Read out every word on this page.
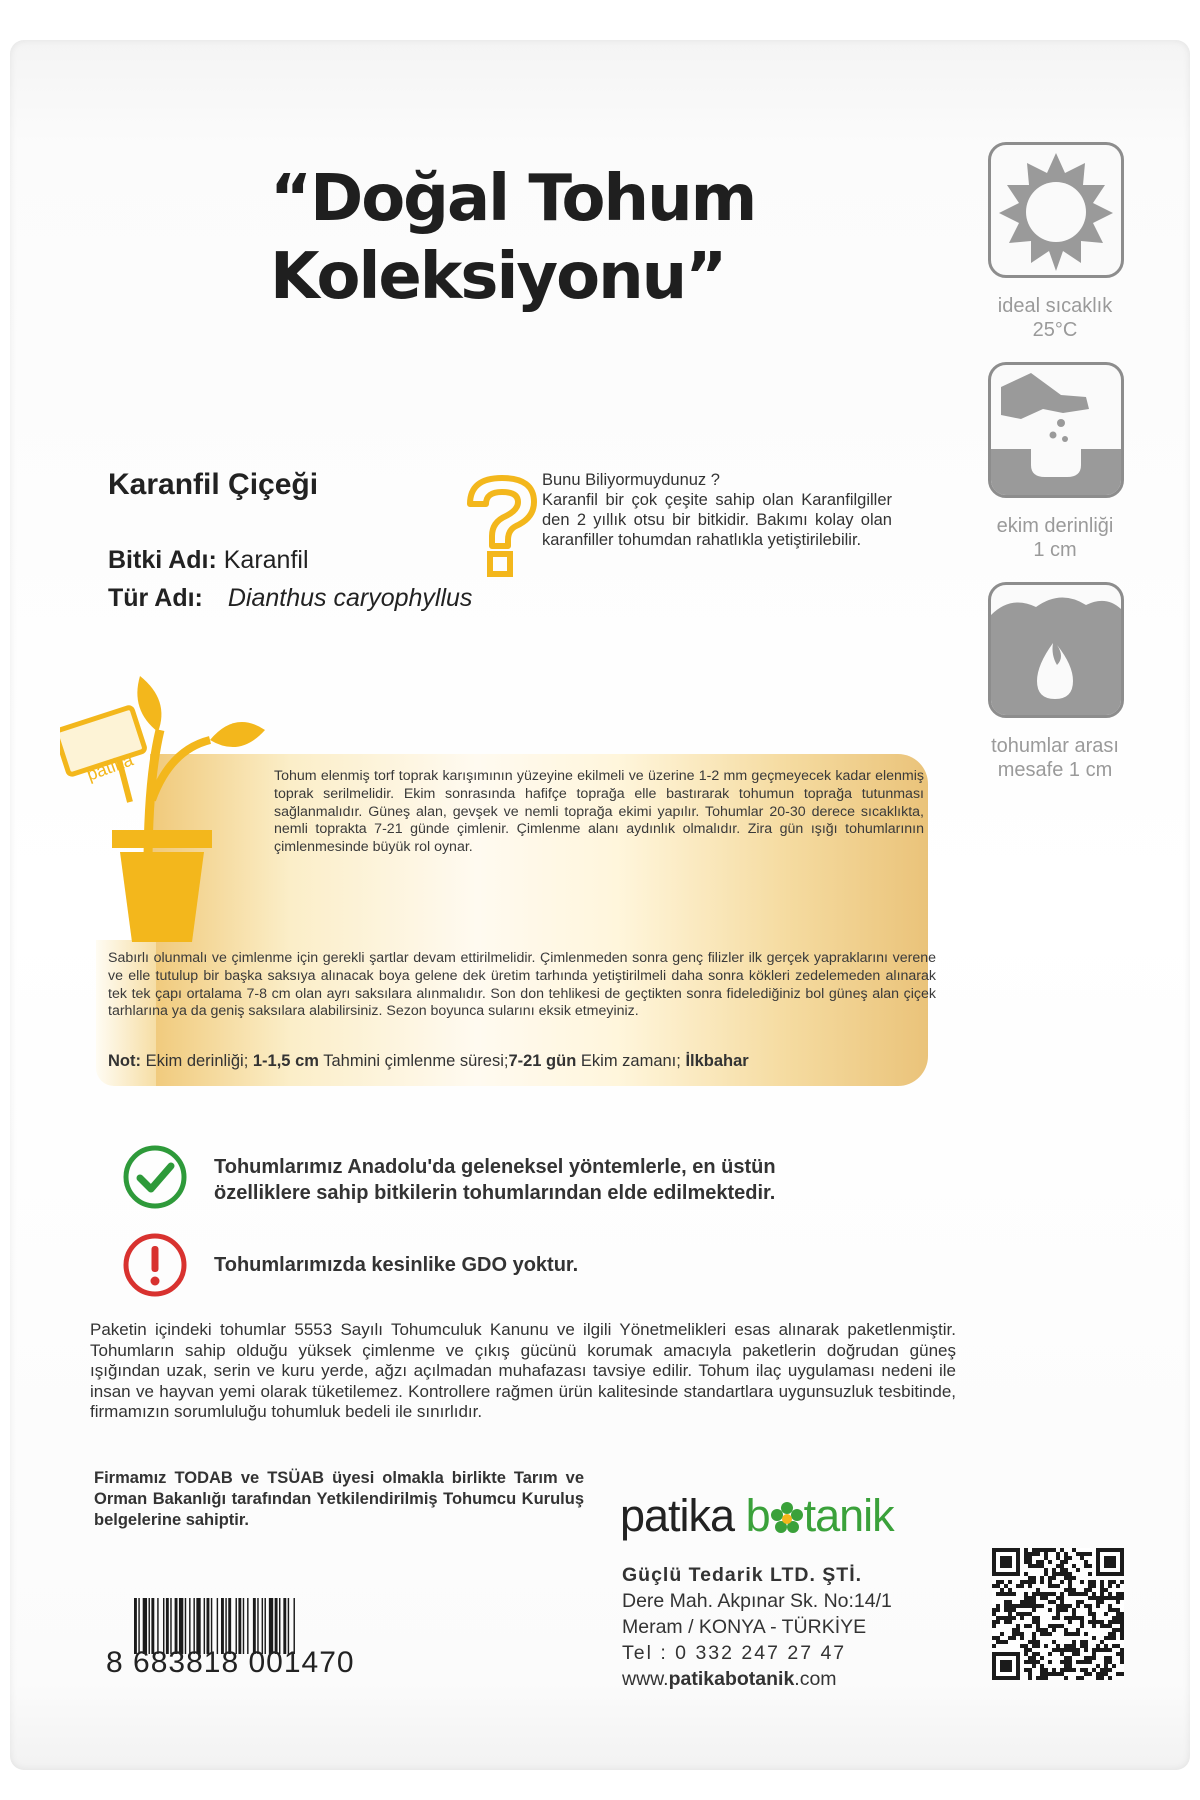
“Doğal Tohum
Koleksiyonu”	ideal sıcaklık
25°C
ekim derinliği
1 cm
tohumlar arası
mesafe 1 cm
Karanfil Çiçeği
Bitki Adı: Karanfil
Tür Adı: Dianthus caryophyllus
Bunu Biliyormuydunuz ?
Karanfil bir çok çeşite sahip olan Karanfilgiller den 2 yıllık otsu bir bitkidir. Bakımı kolay olan karanfiller tohumdan rahatlıkla yetiştirilebilir.
patika	Tohum elenmiş torf toprak karışımının yüzeyine ekilmeli ve üzerine 1-2 mm geçmeyecek kadar elenmiş toprak serilmelidir. Ekim sonrasında hafifçe toprağa elle bastırarak tohumun toprağa tutunması sağlanmalıdır. Güneş alan, gevşek ve nemli toprağa ekimi yapılır. Tohumlar 20-30 derece sıcaklıkta, nemli toprakta 7-21 günde çimlenir. Çimlenme alanı aydınlık olmalıdır. Zira gün ışığı tohumlarının çimlenmesinde büyük rol oynar.
Sabırlı olunmalı ve çimlenme için gerekli şartlar devam ettirilmelidir. Çimlenmeden sonra genç filizler ilk gerçek yapraklarını verene ve elle tutulup bir başka saksıya alınacak boya gelene dek üretim tarhında yetiştirilmeli daha sonra kökleri zedelemeden alınarak tek tek çapı ortalama 7-8 cm olan ayrı saksılara alınmalıdır. Son don tehlikesi de geçtikten sonra fidelediğiniz bol güneş alan çiçek tarhlarına ya da geniş saksılara alabilirsiniz. Sezon boyunca sularını eksik etmeyiniz.
Not: Ekim derinliği; 1-1,5 cm Tahmini çimlenme süresi;7-21 gün Ekim zamanı; İlkbahar
Tohumlarımız Anadolu'da geleneksel yöntemlerle, en üstün
özelliklere sahip bitkilerin tohumlarından elde edilmektedir.
Tohumlarımızda kesinlike GDO yoktur.
Paketin içindeki tohumlar 5553 Sayılı Tohumculuk Kanunu ve ilgili Yönetmelikleri esas alınarak paketlenmiştir. Tohumların sahip olduğu yüksek çimlenme ve çıkış gücünü korumak amacıyla paketlerin doğrudan güneş ışığından uzak, serin ve kuru yerde, ağzı açılmadan muhafazası tavsiye edilir. Tohum ilaç uygulaması nedeni ile insan ve hayvan yemi olarak tüketilemez. Kontrollere rağmen ürün kalitesinde standartlara uygunsuzluk tesbitinde, firmamızın sorumluluğu tohumluk bedeli ile sınırlıdır.
Firmamız TODAB ve TSÜAB üyesi olmakla birlikte Tarım ve Orman Bakanlığı tarafından Yetkilendirilmiş Tohumcu Kuruluş belgelerine sahiptir.	patika b tanik
Güçlü Tedarik LTD. ŞTİ.
Dere Mah. Akpınar Sk. No:14/1
Meram / KONYA - TÜRKİYE
Tel : 0 332 247 27 47
www.patikabotanik.com
8 683818 001470
